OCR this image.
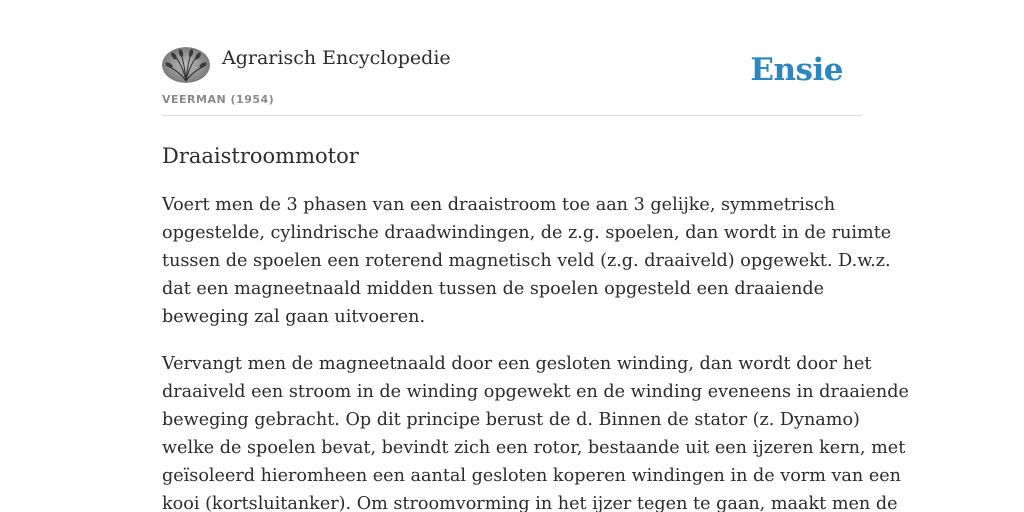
Agrarisch Encyclopedie
VEERMAN (1954)
Ensie
Draaistroommotor

Voert men de 3 phasen van een draaistroom toe aan 3 gelijke, symmetrisch
opgestelde, cylindrische draadwindingen, de z.g. spoelen, dan wordt in de ruimte
tussen de spoelen een roterend magnetisch veld (z.g. draaiveld) opgewekt. D.w.z.
dat een magneetnaald midden tussen de spoelen opgesteld een draaiende
beweging zal gaan uitvoeren.

Vervangt men de magneetnaald door een gesloten winding, dan wordt door het
draaiveld een stroom in de winding opgewekt en de winding eveneens in draaiende
beweging gebracht. Op dit principe berust de d. Binnen de stator (z. Dynamo)
welke de spoelen bevat, bevindt zich een rotor, bestaande uit een ijzeren kern, met
geïsoleerd hieromheen een aantal gesloten koperen windingen in de vorm van een
kooi (kortsluitanker). Om stroomvorming in het ijzer tegen te gaan, maakt men de
